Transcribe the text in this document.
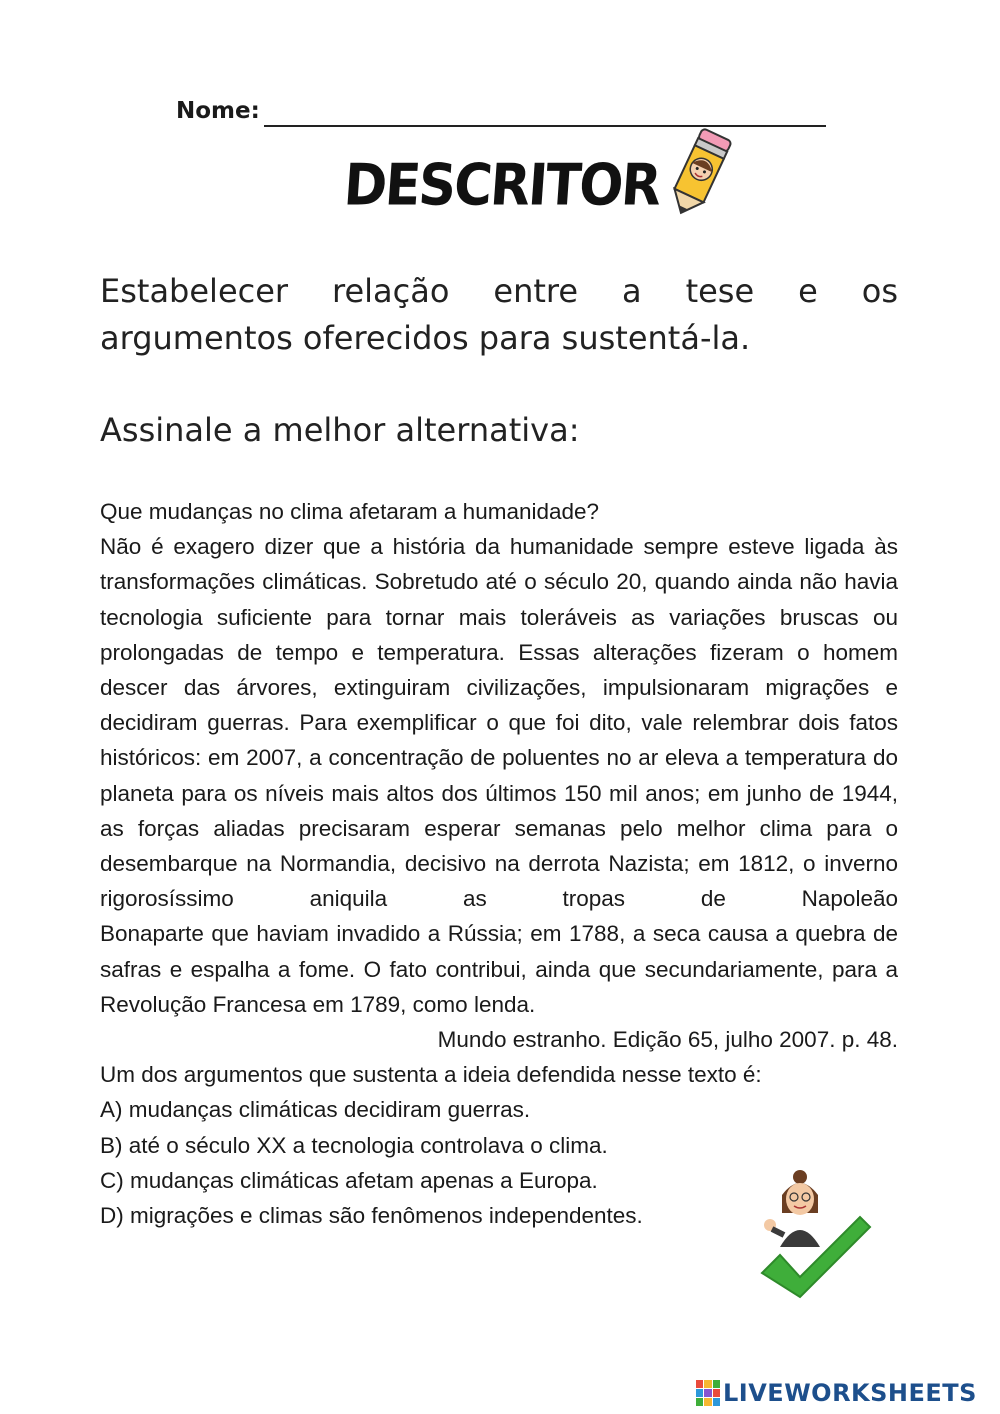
Nome:
DESCRITOR
Estabelecer relação entre a tese e os argumentos oferecidos para sustentá-la.
Assinale a melhor alternativa:

Que mudanças no clima afetaram a humanidade?

Não é exagero dizer que a história da humanidade sempre esteve ligada às transformações climáticas. Sobretudo até o século 20, quando ainda não havia tecnologia suficiente para tornar mais toleráveis as variações bruscas ou prolongadas de tempo e temperatura. Essas alterações fizeram o homem descer das árvores, extinguiram civilizações, impulsionaram migrações e decidiram guerras. Para exemplificar o que foi dito, vale relembrar dois fatos históricos: em 2007, a concentração de poluentes no ar eleva a temperatura do planeta para os níveis mais altos dos últimos 150 mil anos; em junho de 1944, as forças aliadas precisaram esperar semanas pelo melhor clima para o desembarque na Normandia, decisivo na derrota Nazista; em 1812, o inverno rigorosíssimo aniquila as tropas de Napoleão

Bonaparte que haviam invadido a Rússia; em 1788, a seca causa a quebra de safras e espalha a fome. O fato contribui, ainda que secundariamente, para a Revolução Francesa em 1789, como lenda.

Mundo estranho. Edição 65, julho 2007. p. 48.

Um dos argumentos que sustenta a ideia defendida nesse texto é:

A) mudanças climáticas decidiram guerras.

B) até o século XX a tecnologia controlava o clima.

C) mudanças climáticas afetam apenas a Europa.

D) migrações e climas são fenômenos independentes.

LIVEWORKSHEETS
